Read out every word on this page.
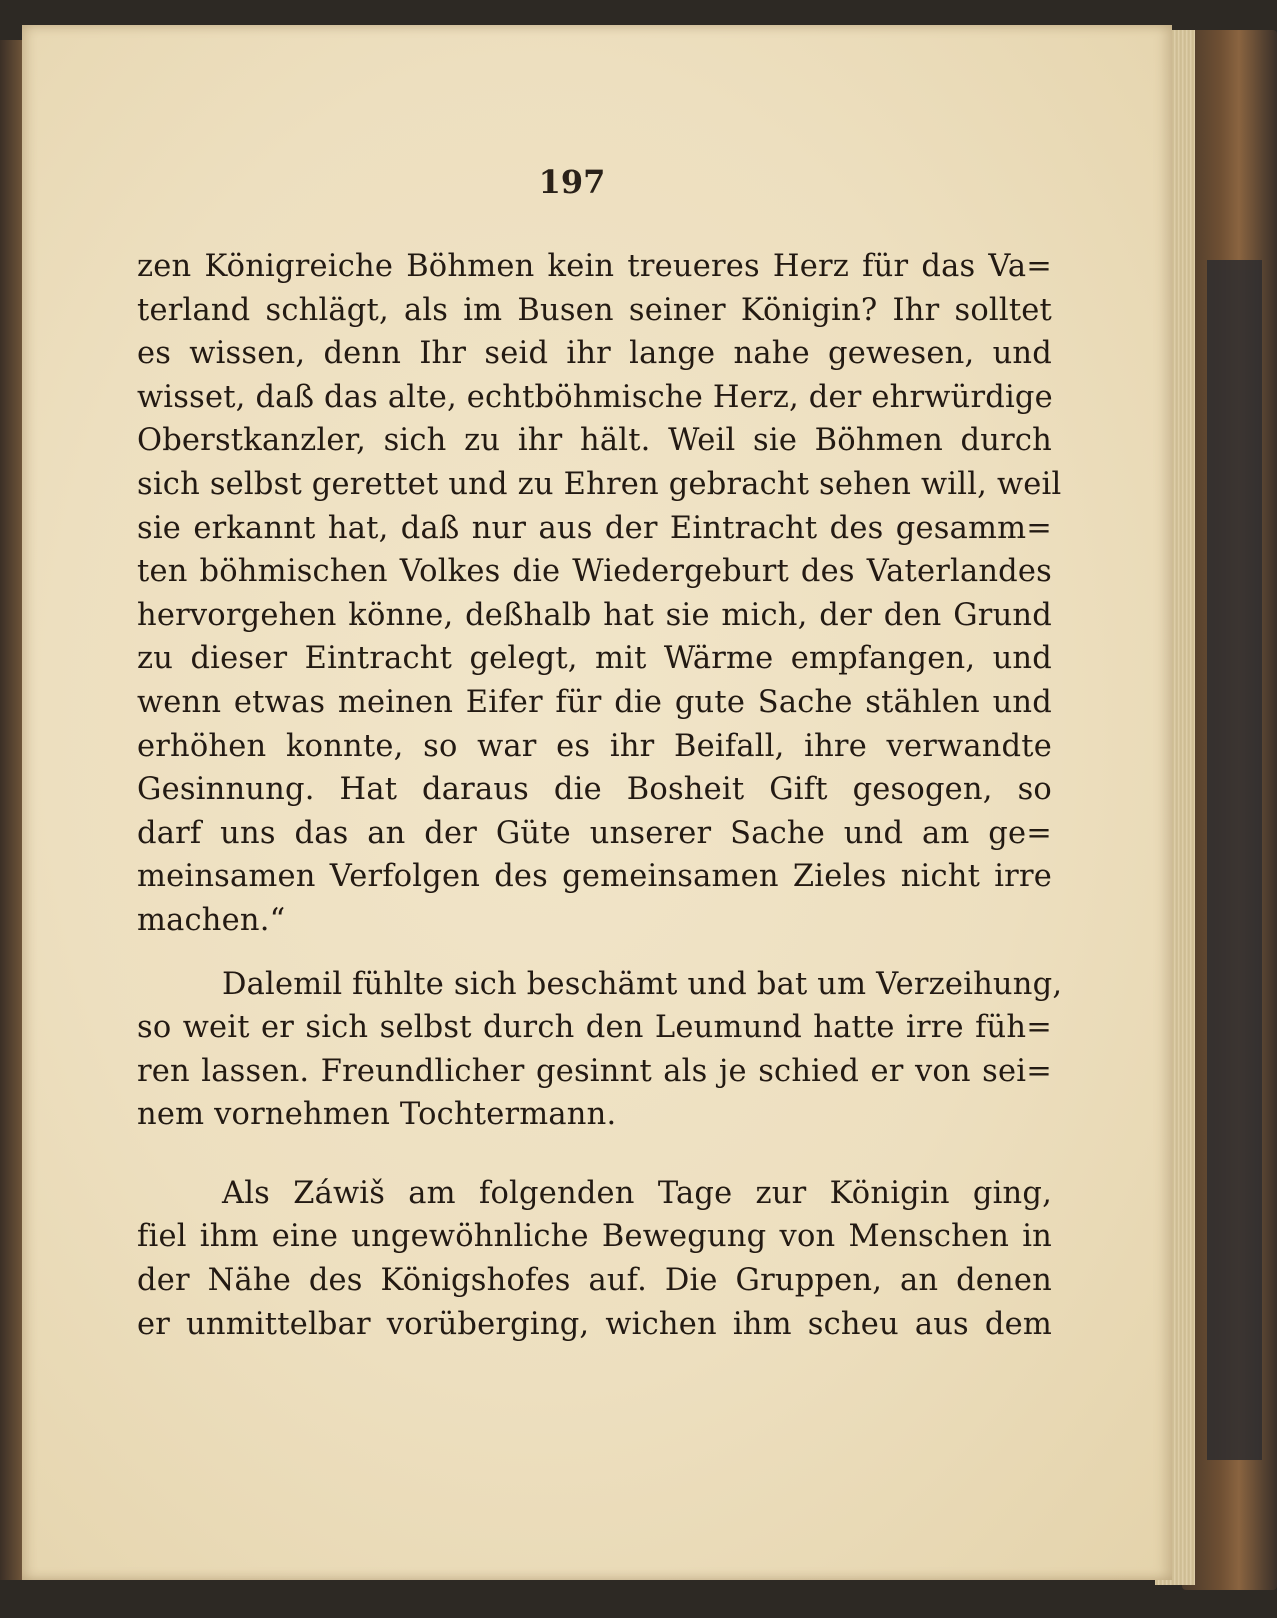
197
zen Königreiche Böhmen kein treueres Herz für das Va=
terland schlägt, als im Busen seiner Königin? Ihr solltet
es wissen, denn Ihr seid ihr lange nahe gewesen, und
wisset, daß das alte, echtböhmische Herz, der ehrwürdige
Oberstkanzler, sich zu ihr hält. Weil sie Böhmen durch
sich selbst gerettet und zu Ehren gebracht sehen will, weil
sie erkannt hat, daß nur aus der Eintracht des gesamm=
ten böhmischen Volkes die Wiedergeburt des Vaterlandes
hervorgehen könne, deßhalb hat sie mich, der den Grund
zu dieser Eintracht gelegt, mit Wärme empfangen, und
wenn etwas meinen Eifer für die gute Sache stählen und
erhöhen konnte, so war es ihr Beifall, ihre verwandte
Gesinnung. Hat daraus die Bosheit Gift gesogen, so
darf uns das an der Güte unserer Sache und am ge=
meinsamen Verfolgen des gemeinsamen Zieles nicht irre
machen.“
Dalemil fühlte sich beschämt und bat um Verzeihung,
so weit er sich selbst durch den Leumund hatte irre füh=
ren lassen. Freundlicher gesinnt als je schied er von sei=
nem vornehmen Tochtermann.
Als Záwiš am folgenden Tage zur Königin ging,
fiel ihm eine ungewöhnliche Bewegung von Menschen in
der Nähe des Königshofes auf. Die Gruppen, an denen
er unmittelbar vorüberging, wichen ihm scheu aus dem
